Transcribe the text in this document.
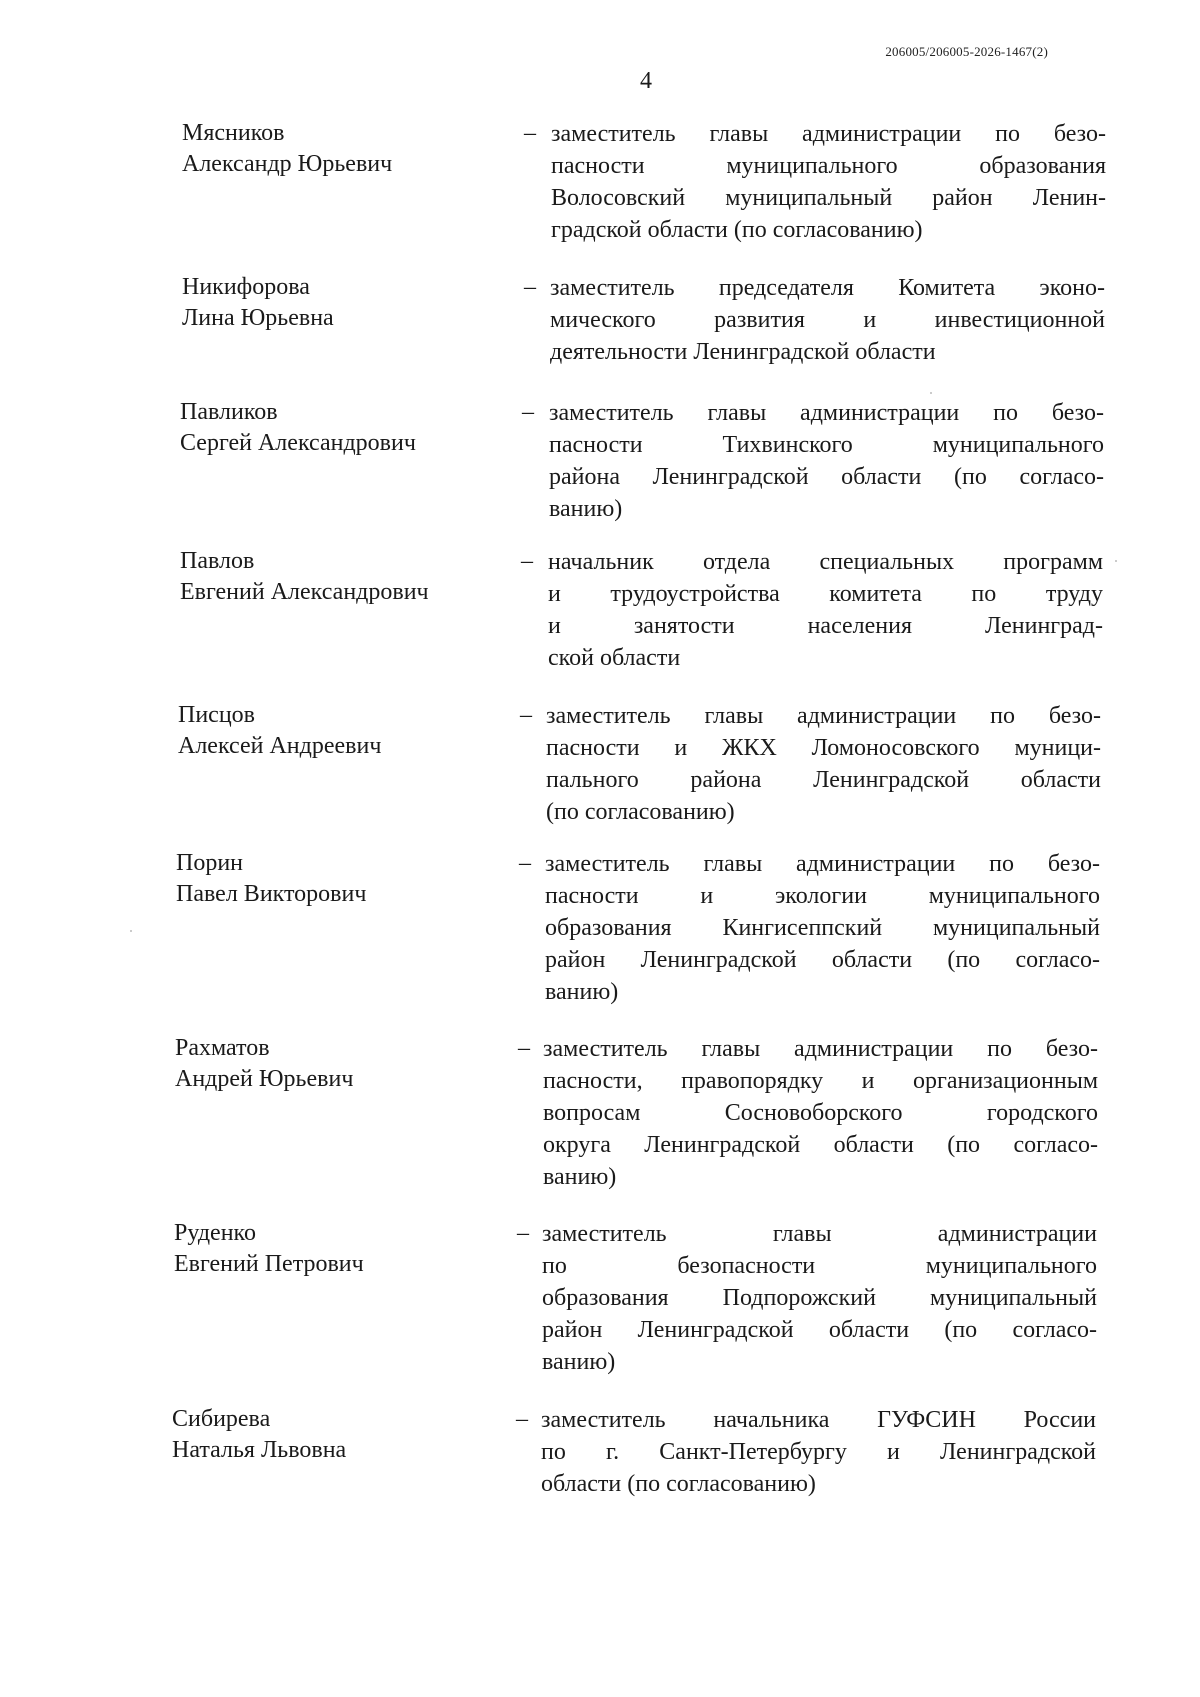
206005/206005-2026-1467(2)
4
Мясников
Александр Юрьевич
– заместитель главы администрации по безо-
пасности муниципального образования
Волосовский муниципальный район Ленин-
градской области (по согласованию)
Никифорова
Лина Юрьевна
– заместитель председателя Комитета эконо-
мического развития и инвестиционной
деятельности Ленинградской области
Павликов
Сергей Александрович
– заместитель главы администрации по безо-
пасности Тихвинского муниципального
района Ленинградской области (по согласо-
ванию)
Павлов
Евгений Александрович
– начальник отдела специальных программ
и трудоустройства комитета по труду
и занятости населения Ленинград-
ской области
Писцов
Алексей Андреевич
– заместитель главы администрации по безо-
пасности и ЖКХ Ломоносовского муници-
пального района Ленинградской области
(по согласованию)
Порин
Павел Викторович
– заместитель главы администрации по безо-
пасности и экологии муниципального
образования Кингисеппский муниципальный
район Ленинградской области (по согласо-
ванию)
Рахматов
Андрей Юрьевич
– заместитель главы администрации по безо-
пасности, правопорядку и организационным
вопросам Сосновоборского городского
округа Ленинградской области (по согласо-
ванию)
Руденко
Евгений Петрович
– заместитель главы администрации
по безопасности муниципального
образования Подпорожский муниципальный
район Ленинградской области (по согласо-
ванию)
Сибирева
Наталья Львовна
– заместитель начальника ГУФСИН России
по г. Санкт-Петербургу и Ленинградской
области (по согласованию)
